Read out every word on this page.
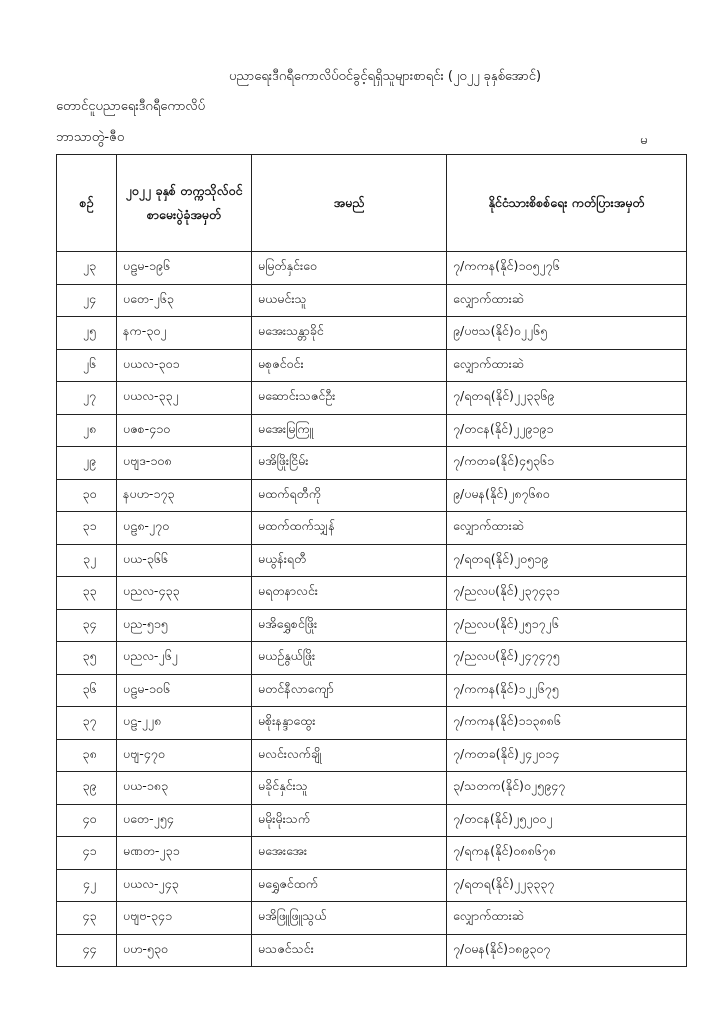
ပညာရေးဒီဂရီကောလိပ်ဝင်ခွင့်ရရှိသူများစာရင်း (၂၀၂၂ ခုနှစ်အောင်)
တောင်ငူပညာရေးဒီဂရီကောလိပ်
ဘာသာတွဲ-ဇီဝ	မ
စဉ်	၂၀၂၂ ခုနှစ် တက္ကသိုလ်ဝင် စာမေးပွဲခုံအမှတ်	အမည်	နိုင်ငံသားစိစစ်ရေး ကတ်ပြားအမှတ်
၂၃	ပဠမ-၁၉၆	မမြတ်နှင်းဝေ	၇/ကကန(နိုင်)၁၀၅၂၇၆
၂၄	ပတေ-၂၆၃	မယမင်းသူ	လျှောက်ထားဆဲ
၂၅	နက-၃၀၂	မအေးသန္တာခိုင်	၉/ပဗသ(နိုင်)၀၂၂၆၅
၂၆	ပယလ-၃၀၁	မစုဇင်ဝင်း	လျှောက်ထားဆဲ
၂၇	ပယလ-၃၃၂	မဆောင်းသဇင်ဦး	၇/ရတရ(နိုင်)၂၂၃၃၆၉
၂၈	ပဇစ-၄၁၀	မအေးမြကြူ	၇/တငန(နိုင်)၂၂၉၁၉၁
၂၉	ပဗျဒ-၁၀၈	မအိဖြိုးငြိမ်း	၇/ကတခ(နိုင်)၄၅၃၆၁
၃၀	နပဟ-၁၇၃	မထက်ရတီကို	၉/ပမန(နိုင်)၂၈၇၆၈၀
၃၁	ပဠ၈-၂၇၀	မထက်ထက်သျှန်	လျှောက်ထားဆဲ
၃၂	ပယ-၃၆၆	မယွန်းရတီ	၇/ရတရ(နိုင်)၂၀၅၁၉
၃၃	ပညလ-၄၃၃	မရတနာလင်း	၇/ညလပ(နိုင်)၂၃၇၄၃၁
၃၄	ပည-၅၁၅	မအိရွှေစင်ဖြိုး	၇/ညလပ(နိုင်)၂၅၁၇၂၆
၃၅	ပညလ-၂၆၂	မယဉ်နွယ်ဖြိုး	၇/ညလပ(နိုင်)၂၄၇၄၇၅
၃၆	ပဠမ-၁၀၆	မတင်နီလာကျော်	၇/ကကန(နိုင်)၁၂၂၆၇၅
၃၇	ပဠ-၂၂၈	မစိုးနန္ဒာထွေး	၇/ကကန(နိုင်)၁၁၃၈၈၆
၃၈	ပဗျ-၄၇၀	မလင်းလက်ချို	၇/ကတခ(နိုင်)၂၄၂၀၁၄
၃၉	ပယ-၁၈၃	မခိုင်နှင်းသူ	၃/သတက(နိုင်)၀၂၅၉၄၇
၄၀	ပတေ-၂၅၄	မမိုးမိုးသက်	၇/တငန(နိုင်)၂၅၂၀၀၂
၄၁	မဏတ-၂၃၁	မအေးအေး	၇/ရကန(နိုင်)၀၈၈၆၇၈
၄၂	ပယလ-၂၄၃	မရွှေဇင်ထက်	၇/ရတရ(နိုင်)၂၂၃၃၃၇
၄၃	ပဗျဗ-၃၄၁	မအိဖြူဖြူသွယ်	လျှောက်ထားဆဲ
၄၄	ပဟ-၅၃၀	မသဇင်သင်း	၇/ဝမန(နိုင်)၁၈၉၃၀၇
